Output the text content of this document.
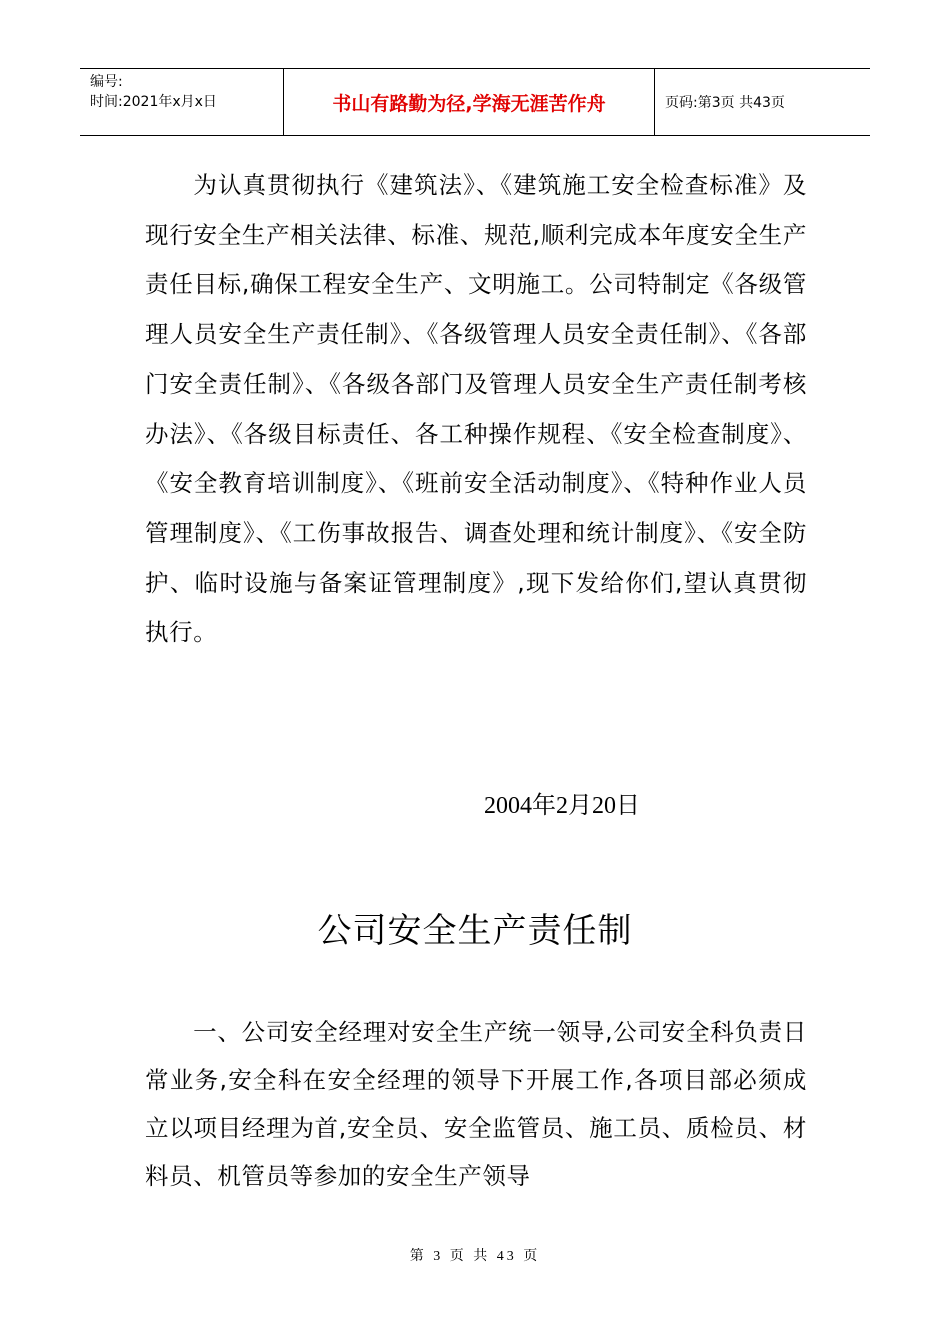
编号:
时间:2021年x月x日	书山有路勤为径,学海无涯苦作舟	页码:第3页 共43页

为认真贯彻执行《建筑法》、《建筑施工安全检查标准》及现行安全生产相关法律、标准、规范,顺利完成本年度安全生产责任目标,确保工程安全生产、文明施工。公司特制定《各级管理人员安全生产责任制》、《各级管理人员安全责任制》、《各部门安全责任制》、《各级各部门及管理人员安全生产责任制考核办法》、《各级目标责任、各工种操作规程、《安全检查制度》、《安全教育培训制度》、《班前安全活动制度》、《特种作业人员管理制度》、《工伤事故报告、调查处理和统计制度》、《安全防护、临时设施与备案证管理制度》,现下发给你们,望认真贯彻执行。

2004年2月20日
公司安全生产责任制

一、公司安全经理对安全生产统一领导,公司安全科负责日常业务,安全科在安全经理的领导下开展工作,各项目部必须成立以项目经理为首,安全员、安全监管员、施工员、质检员、材料员、机管员等参加的安全生产领导

第 3 页 共 43 页
